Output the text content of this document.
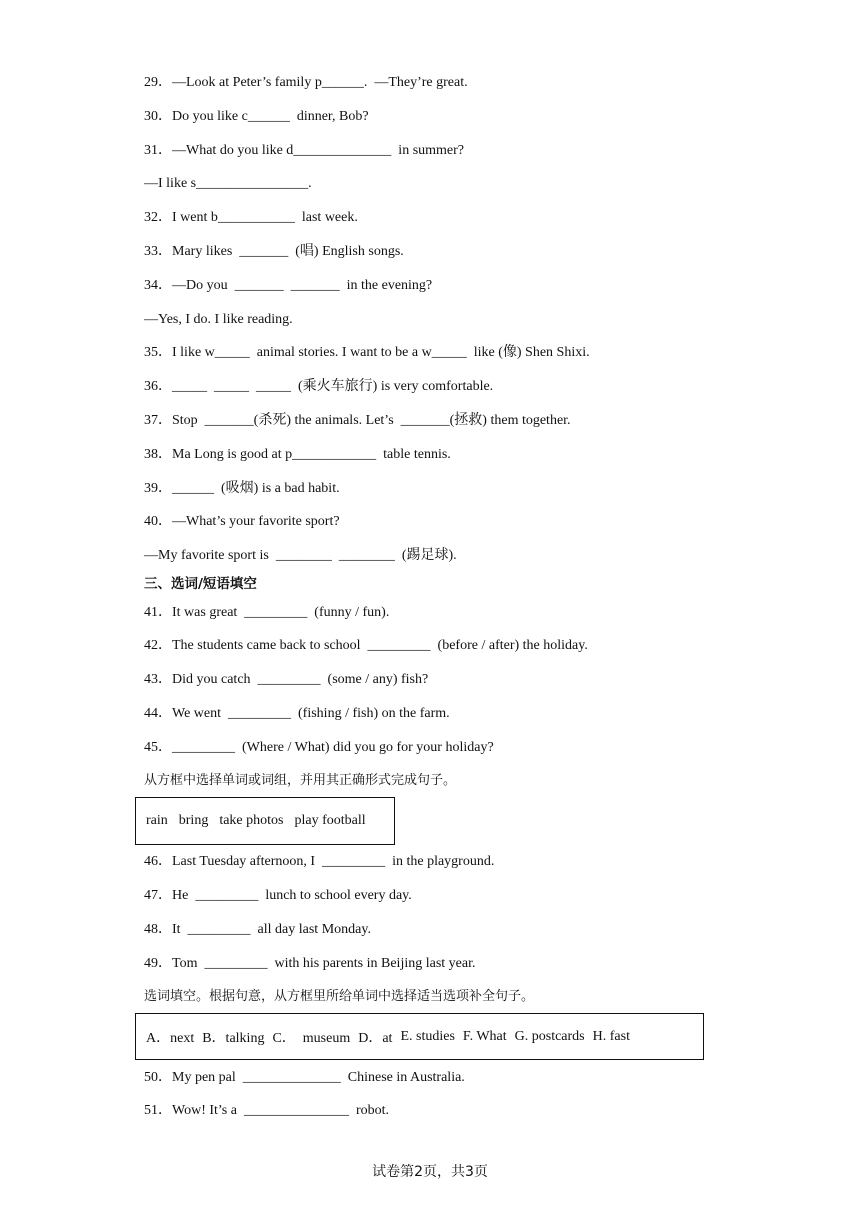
29．—Look at Peter’s family p______.  —They’re great.
30．Do you like c______  dinner, Bob?
31．—What do you like d______________  in summer?
—I like s________________.
32．I went b___________  last week.
33．Mary likes  _______  (唱) English songs.
34．—Do you  _______  _______  in the evening?
—Yes, I do. I like reading.
35．I like w_____  animal stories. I want to be a w_____  like (像) Shen Shixi.
36．_____  _____  _____  (乘火车旅行) is very comfortable.
37．Stop  _______(杀死) the animals. Let’s  _______(拯救) them together.
38．Ma Long is good at p____________  table tennis.
39．______  (吸烟) is a bad habit.
40．—What’s your favorite sport?
—My favorite sport is  ________  ________  (踢足球).
三、选词/短语填空
41．It was great  _________  (funny / fun).
42．The students came back to school  _________  (before / after) the holiday.
43．Did you catch  _________  (some / any) fish?
44．We went  _________  (fishing / fish) on the farm.
45．_________  (Where / What) did you go for your holiday?
从方框中选择单词或词组，并用其正确形式完成句子。
rain bring take photos play football
46．Last Tuesday afternoon, I  _________  in the playground.
47．He  _________  lunch to school every day.
48．It  _________  all day last Monday.
49．Tom  _________  with his parents in Beijing last year.
选词填空。根据句意，从方框里所给单词中选择适当选项补全句子。
A．next B．talking C．  museum D．at E. studies F. What G. postcards H. fast
50．My pen pal  ______________  Chinese in Australia.
51．Wow! It’s a  _______________  robot.
试卷第2页，共3页
